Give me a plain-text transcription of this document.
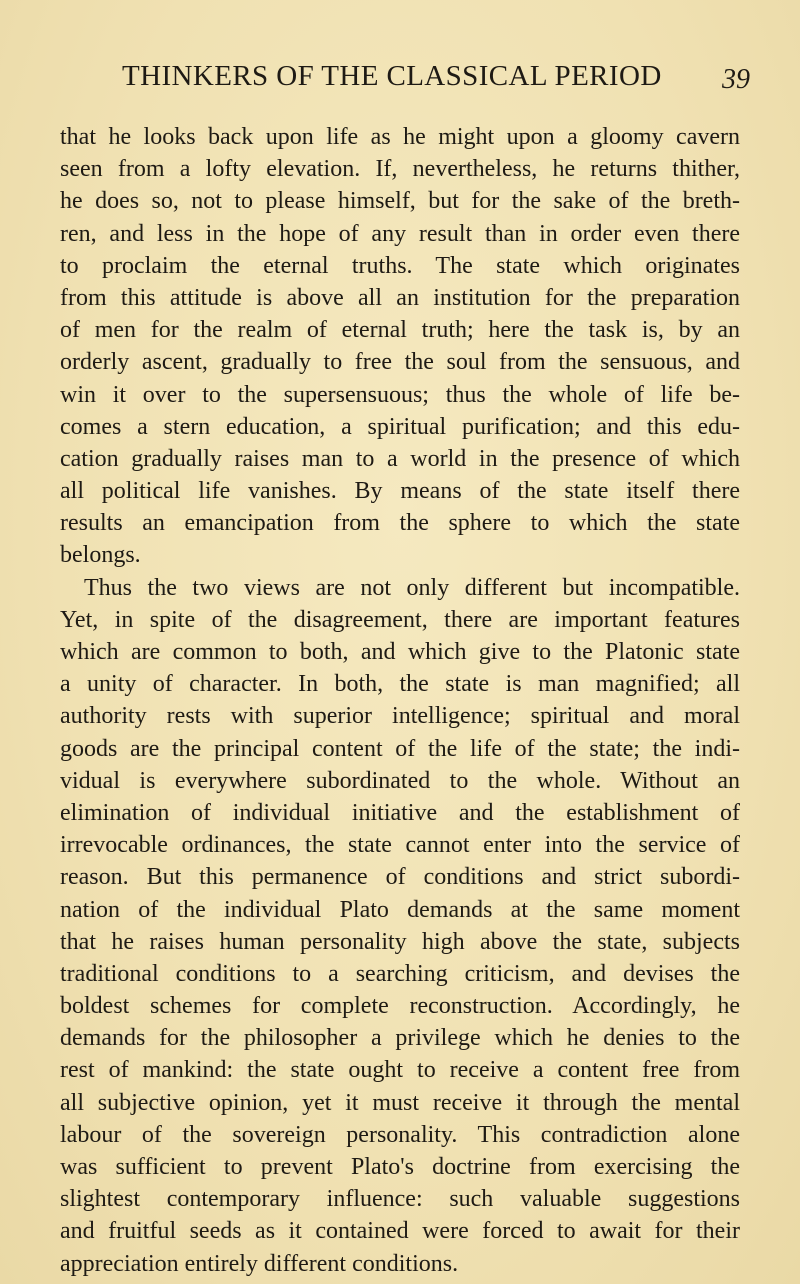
THINKERS OF THE CLASSICAL PERIOD 39
that he looks back upon life as he might upon a gloomy cavern
seen from a lofty elevation. If, nevertheless, he returns thither,
he does so, not to please himself, but for the sake of the breth-
ren, and less in the hope of any result than in order even there
to proclaim the eternal truths. The state which originates
from this attitude is above all an institution for the preparation
of men for the realm of eternal truth; here the task is, by an
orderly ascent, gradually to free the soul from the sensuous, and
win it over to the supersensuous; thus the whole of life be-
comes a stern education, a spiritual purification; and this edu-
cation gradually raises man to a world in the presence of which
all political life vanishes. By means of the state itself there
results an emancipation from the sphere to which the state
belongs.
Thus the two views are not only different but incompatible.
Yet, in spite of the disagreement, there are important features
which are common to both, and which give to the Platonic state
a unity of character. In both, the state is man magnified; all
authority rests with superior intelligence; spiritual and moral
goods are the principal content of the life of the state; the indi-
vidual is everywhere subordinated to the whole. Without an
elimination of individual initiative and the establishment of
irrevocable ordinances, the state cannot enter into the service of
reason. But this permanence of conditions and strict subordi-
nation of the individual Plato demands at the same moment
that he raises human personality high above the state, subjects
traditional conditions to a searching criticism, and devises the
boldest schemes for complete reconstruction. Accordingly, he
demands for the philosopher a privilege which he denies to the
rest of mankind: the state ought to receive a content free from
all subjective opinion, yet it must receive it through the mental
labour of the sovereign personality. This contradiction alone
was sufficient to prevent Plato's doctrine from exercising the
slightest contemporary influence: such valuable suggestions
and fruitful seeds as it contained were forced to await for their
appreciation entirely different conditions.
